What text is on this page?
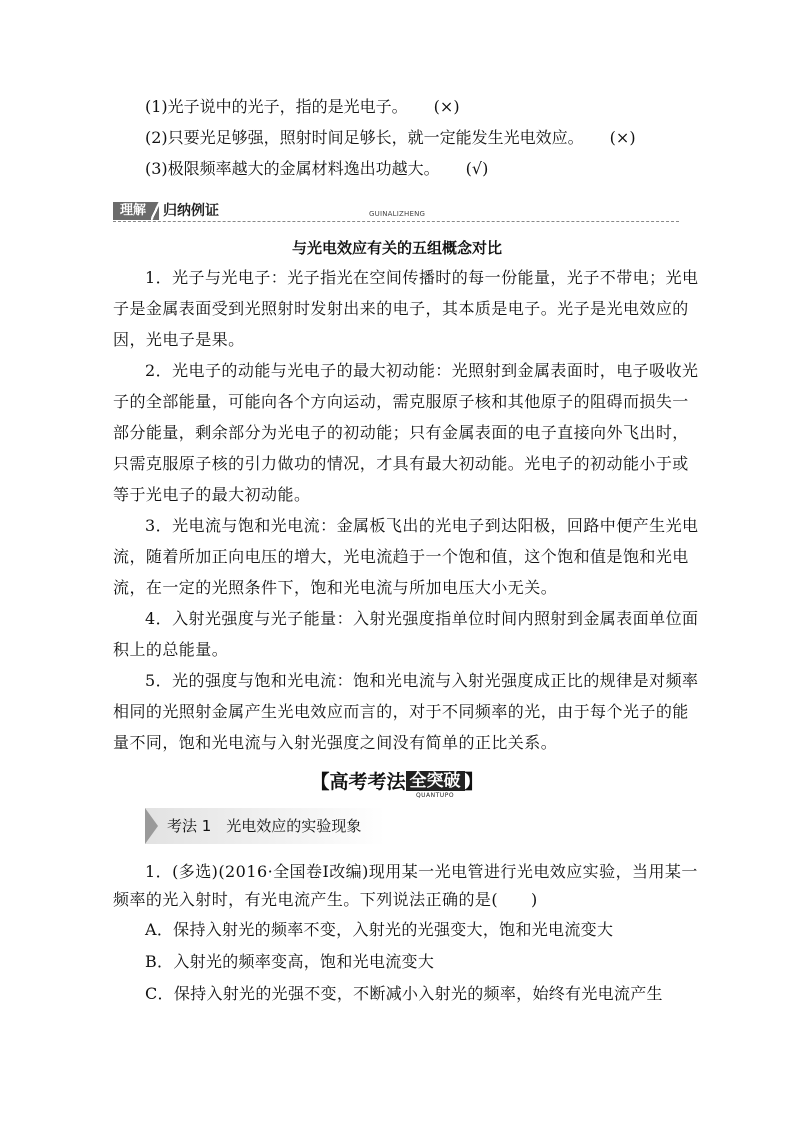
(1)光子说中的光子，指的是光电子。 (×)
(2)只要光足够强，照射时间足够长，就一定能发生光电效应。 (×)
(3)极限频率越大的金属材料逸出功越大。 (√)
理解	归纳例证	GUINALIZHENG
与光电效应有关的五组概念对比
1．光子与光电子：光子指光在空间传播时的每一份能量，光子不带电；光电
子是金属表面受到光照射时发射出来的电子，其本质是电子。光子是光电效应的
因，光电子是果。
2．光电子的动能与光电子的最大初动能：光照射到金属表面时，电子吸收光
子的全部能量，可能向各个方向运动，需克服原子核和其他原子的阻碍而损失一
部分能量，剩余部分为光电子的初动能；只有金属表面的电子直接向外飞出时，
只需克服原子核的引力做功的情况，才具有最大初动能。光电子的初动能小于或
等于光电子的最大初动能。
3．光电流与饱和光电流：金属板飞出的光电子到达阳极，回路中便产生光电
流，随着所加正向电压的增大，光电流趋于一个饱和值，这个饱和值是饱和光电
流，在一定的光照条件下，饱和光电流与所加电压大小无关。
4．入射光强度与光子能量：入射光强度指单位时间内照射到金属表面单位面
积上的总能量。
5．光的强度与饱和光电流：饱和光电流与入射光强度成正比的规律是对频率
相同的光照射金属产生光电效应而言的，对于不同频率的光，由于每个光子的能
量不同，饱和光电流与入射光强度之间没有简单的正比关系。
【高考考法 全突破
QUANTUPO
】
考法 1　光电效应的实验现象
1．(多选)(2016·全国卷Ⅰ改编)现用某一光电管进行光电效应实验，当用某一
频率的光入射时，有光电流产生。下列说法正确的是(　　)
A．保持入射光的频率不变，入射光的光强变大，饱和光电流变大
B．入射光的频率变高，饱和光电流变大
C．保持入射光的光强不变，不断减小入射光的频率，始终有光电流产生
